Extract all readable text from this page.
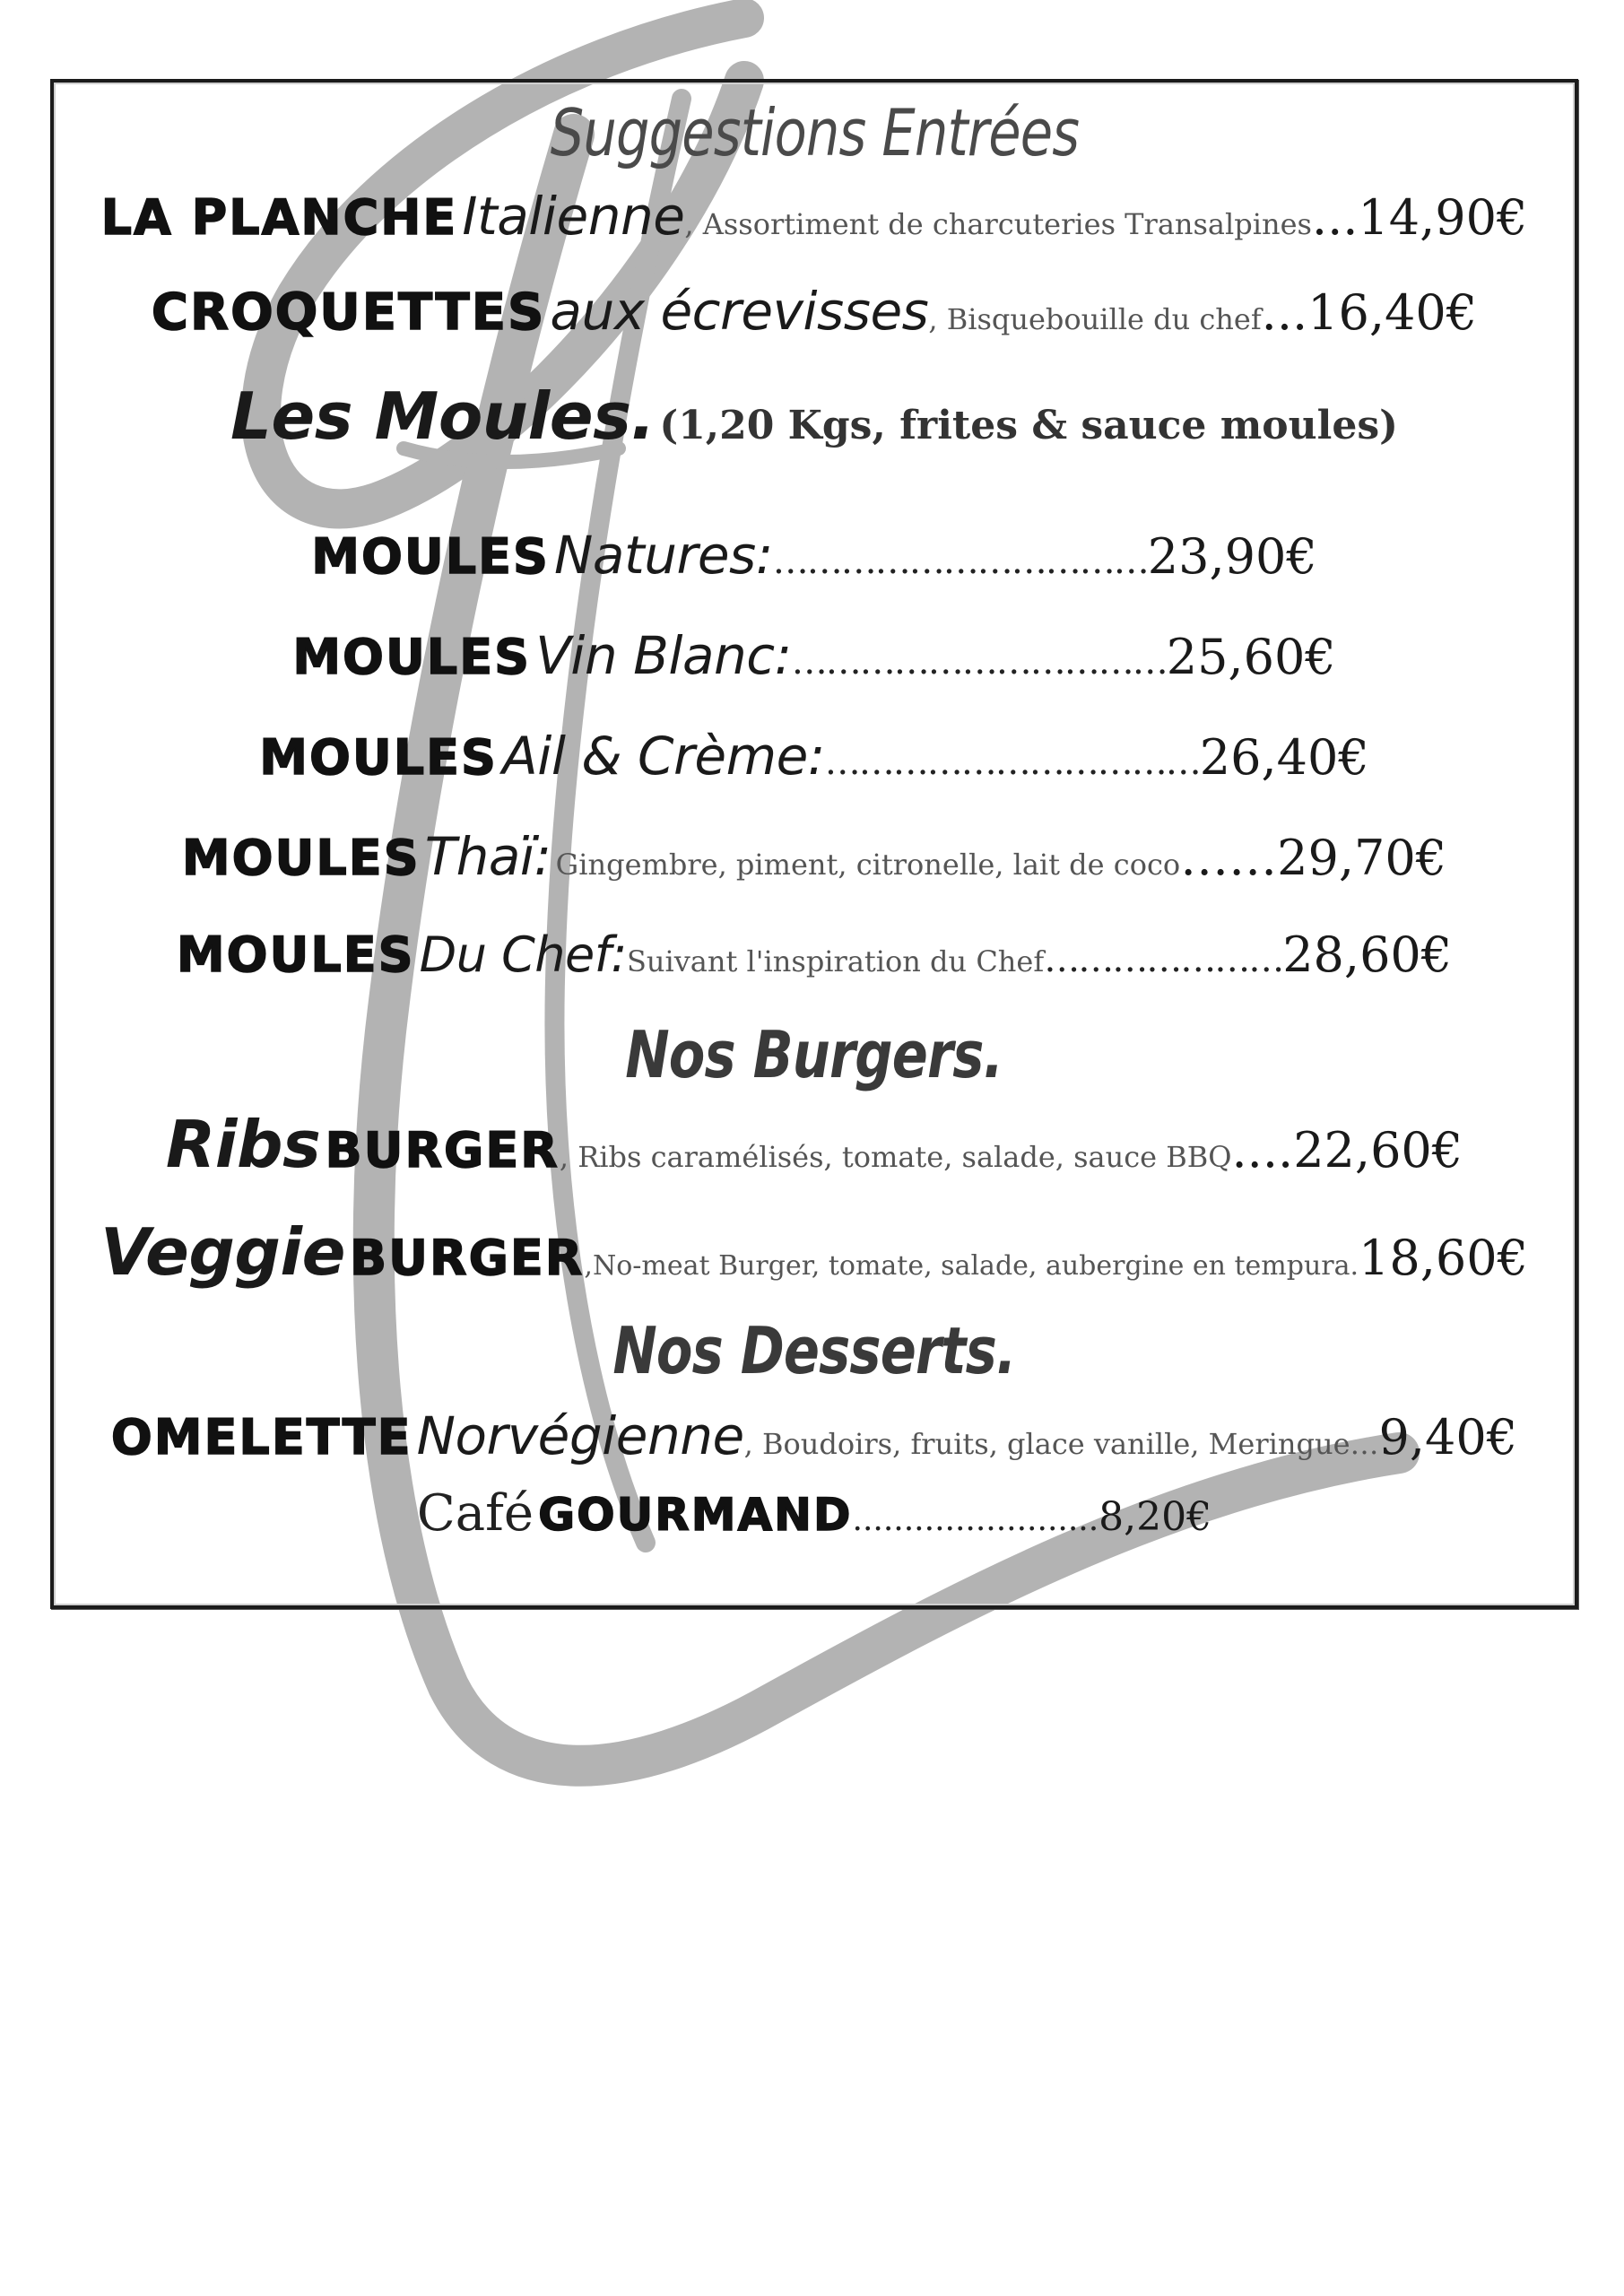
Suggestions Entrées
LA PLANCHE Italienne, Assortiment de charcuteries Transalpines...14,90€
CROQUETTES aux écrevisses, Bisquebouille du chef...16,40€
Les Moules. (1,20 Kgs, frites & sauce moules)
MOULES Natures:……………………………23,90€
MOULES Vin Blanc:……………………………25,60€
MOULES Ail & Crème:……………………………26,40€
MOULES Thaï: Gingembre, piment, citronelle, lait de coco……29,70€
MOULES Du Chef:Suivant l'inspiration du Chef…………………28,60€
Nos Burgers.
Ribs BURGER, Ribs caramélisés, tomate, salade, sauce BBQ....22,60€
Veggie BURGER,No-meat Burger, tomate, salade, aubergine en tempura.18,60€
Nos Desserts.
OMELETTE Norvégienne, Boudoirs, fruits, glace vanille, Meringue…9,40€
Café GOURMAND........................8,20€
